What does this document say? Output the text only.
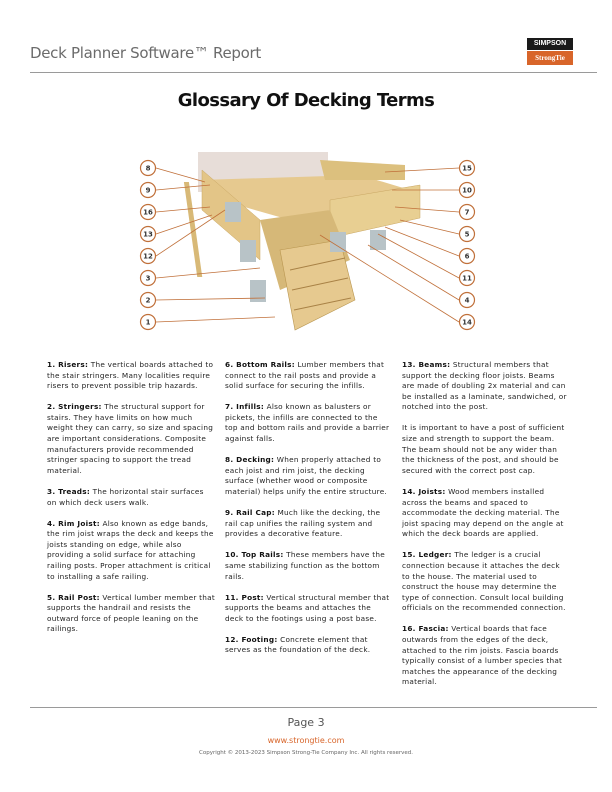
Deck Planner Software™ Report
SIMPSON
StrongTie
Glossary Of Decking Terms
8
9
16
13
12
3
2
1
15
10
7
5
6
11
4
14

1. Risers: The vertical boards attached to the stair stringers. Many localities require risers to prevent possible trip hazards.

2. Stringers: The structural support for stairs. They have limits on how much weight they can carry, so size and spacing are important considerations. Composite manufacturers provide recommended stringer spacing to support the tread material.

3. Treads: The horizontal stair surfaces on which deck users walk.

4. Rim Joist: Also known as edge bands, the rim joist wraps the deck and keeps the joists standing on edge, while also providing a solid surface for attaching railing posts. Proper attachment is critical to installing a safe railing.

5. Rail Post: Vertical lumber member that supports the handrail and resists the outward force of people leaning on the railings.

6. Bottom Rails: Lumber members that connect to the rail posts and provide a solid surface for securing the infills.

7. Infills: Also known as balusters or pickets, the infills are connected to the top and bottom rails and provide a barrier against falls.

8. Decking: When properly attached to each joist and rim joist, the decking surface (whether wood or composite material) helps unify the entire structure.

9. Rail Cap: Much like the decking, the rail cap unifies the railing system and provides a decorative feature.

10. Top Rails: These members have the same stabilizing function as the bottom rails.

11. Post: Vertical structural member that supports the beams and attaches the deck to the footings using a post base.

12. Footing: Concrete element that serves as the foundation of the deck.

13. Beams: Structural members that support the decking floor joists. Beams are made of doubling 2x material and can be installed as a laminate, sandwiched, or notched into the post.

It is important to have a post of sufficient size and strength to support the beam. The beam should not be any wider than the thickness of the post, and should be secured with the correct post cap.

14. Joists: Wood members installed across the beams and spaced to accommodate the decking material. The joist spacing may depend on the angle at which the deck boards are applied.

15. Ledger: The ledger is a crucial connection because it attaches the deck to the house. The material used to construct the house may determine the type of connection. Consult local building officials on the recommended connection.

16. Fascia: Vertical boards that face outwards from the edges of the deck, attached to the rim joists. Fascia boards typically consist of a lumber species that matches the appearance of the decking material.

Page 3
www.strongtie.com
Copyright © 2013-2023 Simpson Strong-Tie Company Inc. All rights reserved.
